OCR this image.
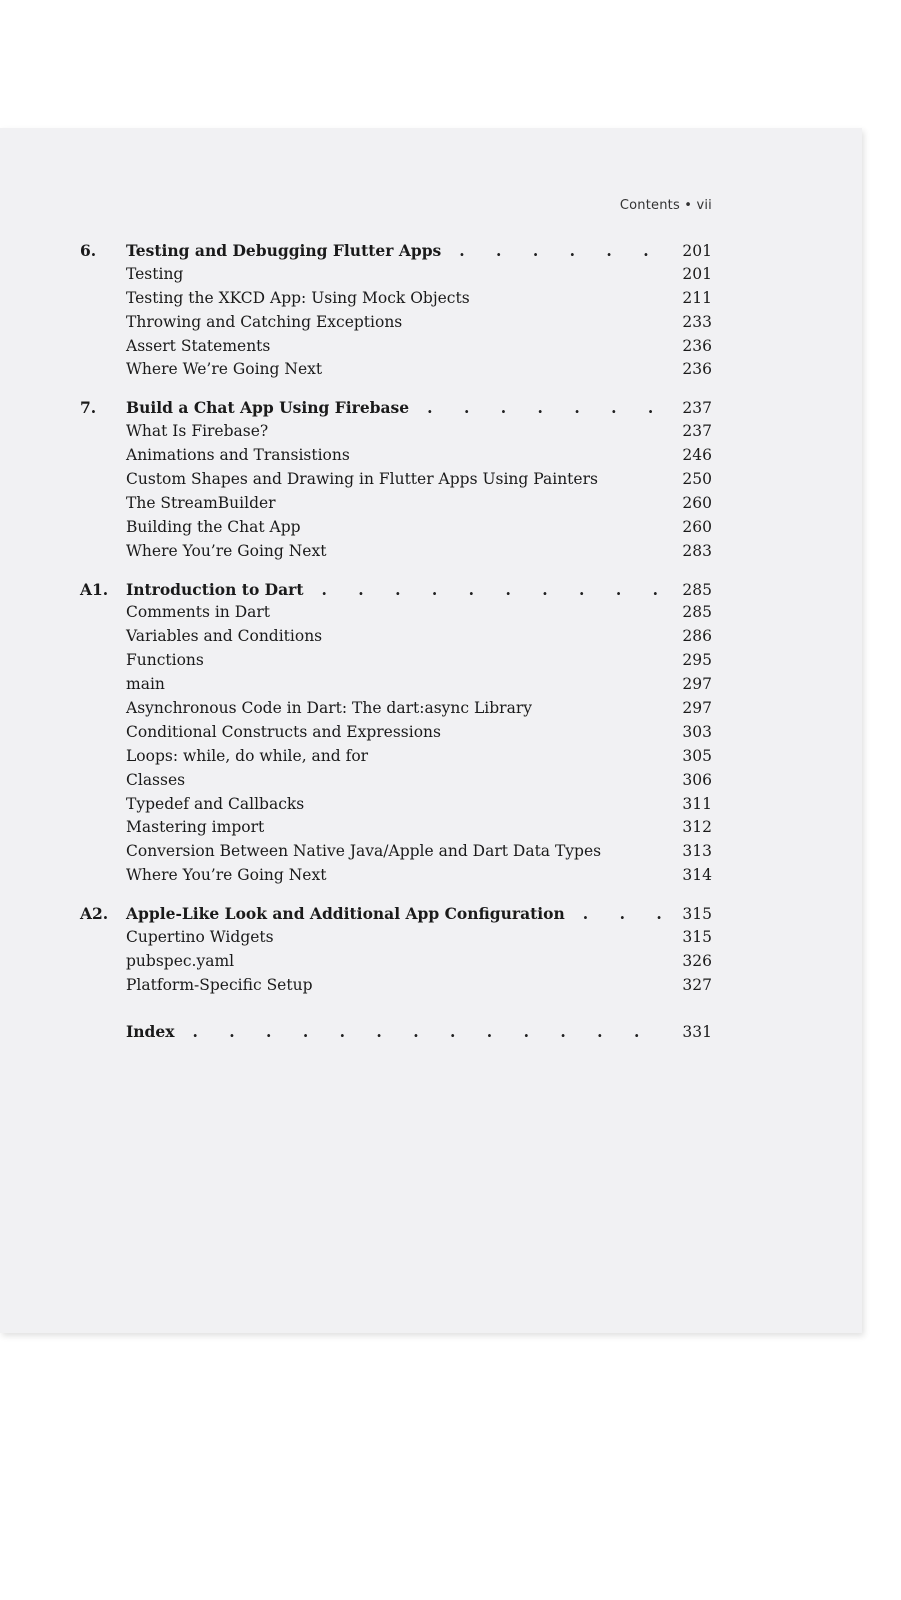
Contents • vii
6.	Testing and Debugging Flutter Apps . . .	201
Testing	201
Testing the XKCD App: Using Mock Objects	211
Throwing and Catching Exceptions	233
Assert Statements	236
Where We’re Going Next	236
7.	Build a Chat App Using Firebase . . .	237
What Is Firebase?	237
Animations and Transistions	246
Custom Shapes and Drawing in Flutter Apps Using Painters	250
The StreamBuilder	260
Building the Chat App	260
Where You’re Going Next	283
A1.	Introduction to Dart . . .	285
Comments in Dart	285
Variables and Conditions	286
Functions	295
main	297
Asynchronous Code in Dart: The dart:async Library	297
Conditional Constructs and Expressions	303
Loops: while, do while, and for	305
Classes	306
Typedef and Callbacks	311
Mastering import	312
Conversion Between Native Java/Apple and Dart Data Types	313
Where You’re Going Next	314
A2.	Apple-Like Look and Additional App Configuration . . .	315
Cupertino Widgets	315
pubspec.yaml	326
Platform-Specific Setup	327
Index . . .	331
